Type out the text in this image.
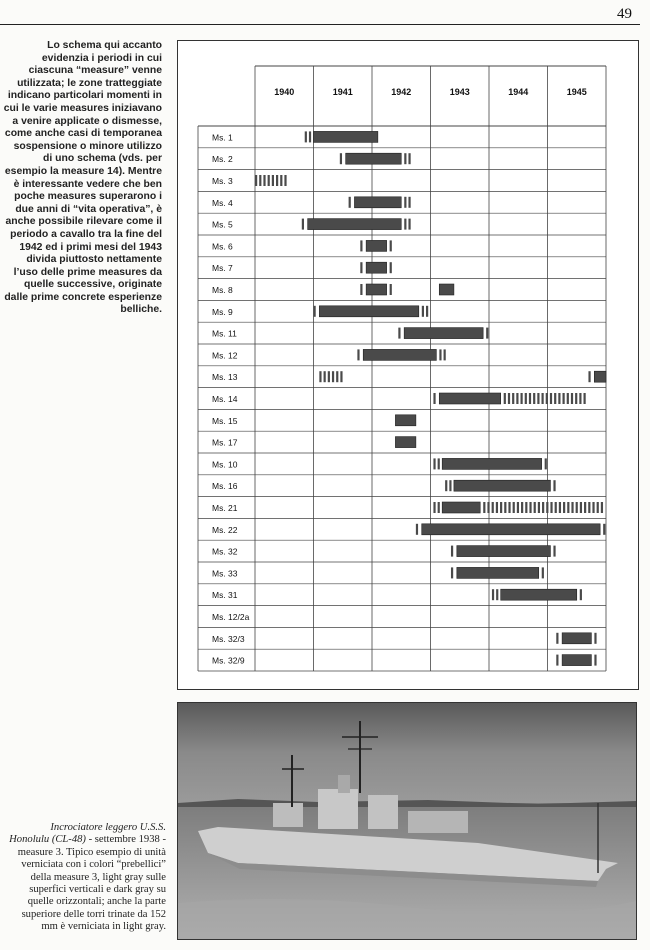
49
Lo schema qui accanto evidenzia i periodi in cui ciascuna “measure” venne utilizzata; le zone tratteggiate indicano particolari momenti in cui le varie measures iniziavano a venire applicate o dismesse, come anche casi di temporanea sospensione o minore utilizzo di uno schema (vds. per esempio la measure 14). Mentre è interessante vedere che ben poche measures superarono i due anni di “vita operativa”, è anche possibile rilevare come il periodo a cavallo tra la fine del 1942 ed i primi mesi del 1943 divida piuttosto nettamente l’uso delle prime measures da quelle successive, originate dalle prime concrete esperienze belliche.
1940	1941	1942	1943	1944	1945
Ms. 1
Ms. 2
Ms. 3
Ms. 4
Ms. 5
Ms. 6
Ms. 7
Ms. 8
Ms. 9
Ms. 11
Ms. 12
Ms. 13
Ms. 14
Ms. 15
Ms. 17
Ms. 10
Ms. 16
Ms. 21
Ms. 22
Ms. 32
Ms. 33
Ms. 31
Ms. 12/2a
Ms. 32/3
Ms. 32/9
Incrociatore leggero U.S.S. Honolulu (CL-48) - settembre 1938 - measure 3. Tipico esempio di unità verniciata con i colori “prebellici” della measure 3, light gray sulle superfici verticali e dark gray su quelle orizzontali; anche la parte superiore delle torri trinate da 152 mm è verniciata in light gray.
